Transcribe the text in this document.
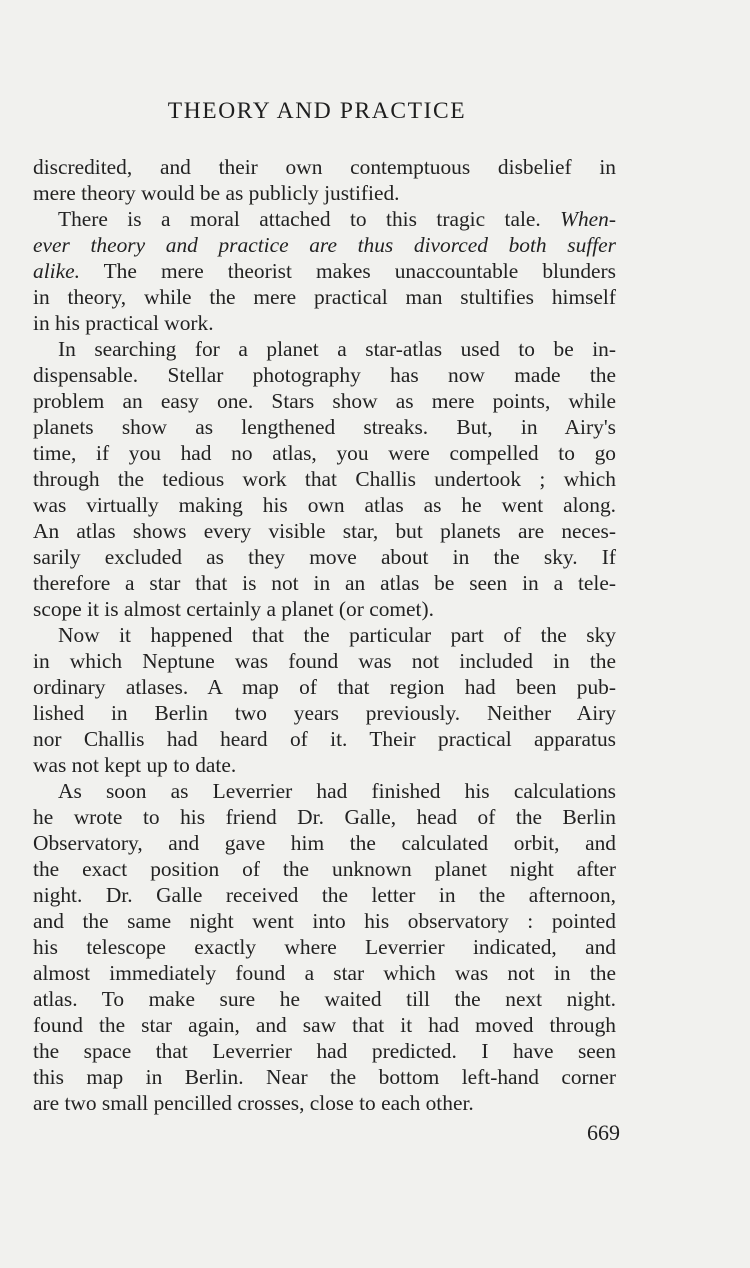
THEORY AND PRACTICE

discredited, and their own contemptuous disbelief in

mere theory would be as publicly justified.

There is a moral attached to this tragic tale. When-

ever theory and practice are thus divorced both suffer

alike. The mere theorist makes unaccountable blunders

in theory, while the mere practical man stultifies himself

in his practical work.

In searching for a planet a star-atlas used to be in-

dispensable. Stellar photography has now made the

problem an easy one. Stars show as mere points, while

planets show as lengthened streaks. But, in Airy's

time, if you had no atlas, you were compelled to go

through the tedious work that Challis undertook ; which

was virtually making his own atlas as he went along.

An atlas shows every visible star, but planets are neces-

sarily excluded as they move about in the sky. If

therefore a star that is not in an atlas be seen in a tele-

scope it is almost certainly a planet (or comet).

Now it happened that the particular part of the sky

in which Neptune was found was not included in the

ordinary atlases. A map of that region had been pub-

lished in Berlin two years previously. Neither Airy

nor Challis had heard of it. Their practical apparatus

was not kept up to date.

As soon as Leverrier had finished his calculations

he wrote to his friend Dr. Galle, head of the Berlin

Observatory, and gave him the calculated orbit, and

the exact position of the unknown planet night after

night. Dr. Galle received the letter in the afternoon,

and the same night went into his observatory : pointed

his telescope exactly where Leverrier indicated, and

almost immediately found a star which was not in the

atlas. To make sure he waited till the next night.

found the star again, and saw that it had moved through

the space that Leverrier had predicted. I have seen

this map in Berlin. Near the bottom left-hand corner

are two small pencilled crosses, close to each other.

669
